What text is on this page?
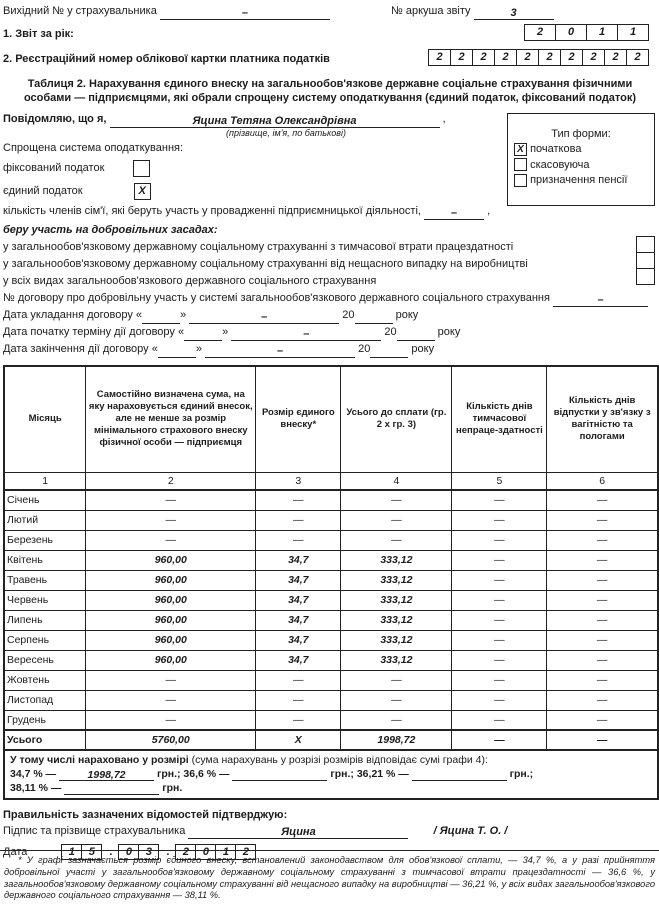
Вихідний № у страхувальника	–	№ аркуша звіту	3
1. Звіт за рік:	2	0	1	1
2. Реєстраційний номер облікової картки платника податків	2	2	2	2	2	2	2	2	2	2
Таблиця 2. Нарахування єдиного внеску на загальнообов'язкове державне соціальне страхування фізичними особами — підприємцями, які обрали спрощену систему оподаткування (єдиний податок, фіксований податок)
Тип форми:
X початкова
скасовуюча
призначення пенсії
Повідомляю, що я,	Яцина Тетяна Олександрівна	,
(прізвище, ім'я, по батькові)
Спрощена система оподаткування:
фіксований податок
єдиний податок	X
кількість членів сім'ї, які беруть участь у провадженні підприємницької діяльності,	–	,
беру участь на добровільних засадах:
у загальнообов'язковому державному соціальному страхуванні з тимчасової втрати працездатності
у загальнообов'язковому державному соціальному страхуванні від нещасного випадку на виробництві
у всіх видах загальнообов'язкового державного соціального страхування
№ договору про добровільну участь у системі загальнообов'язкового державного соціального страхування	–
Дата укладання договору «	»	–	20	року
Дата початку терміну дії договору «	»	–	20	року
Дата закінчення дії договору «	»	–	20	року
Місяць	Самостійно визначена сума, на яку нараховується єдиний внесок, але не менше за розмір мінімального страхового внеску фізичної особи — підприємця	Розмір єдиного внеску*	Усього до сплати (гр. 2 х гр. 3)	Кількість днів тимчасової непраце-здатності	Кількість днів відпустки у зв'язку з вагітністю та пологами
1	2	3	4	5	6
Січень	—	—	—	—	—
Лютий	—	—	—	—	—
Березень	—	—	—	—	—
Квітень	960,00	34,7	333,12	—	—
Травень	960,00	34,7	333,12	—	—
Червень	960,00	34,7	333,12	—	—
Липень	960,00	34,7	333,12	—	—
Серпень	960,00	34,7	333,12	—	—
Вересень	960,00	34,7	333,12	—	—
Жовтень	—	—	—	—	—
Листопад	—	—	—	—	—
Грудень	—	—	—	—	—
Усього	5760,00	X	1998,72	—	—
У тому числі нараховано у розмірі (сума нарахувань у розрізі розмірів відповідає сумі графи 4):
34,7 % —	1998,72	грн.; 36,6 % —	грн.; 36,21 % —	грн.;
38,11 % —	грн.
Правильність зазначених відомостей підтверджую:
Підпис та прізвище страхувальника	Яцина	/ Яцина Т. О. /
Дата	1	5	.	0	3	.	2	0	1	2

* У графі зазначається розмір єдиного внеску, встановлений законодавством для обов'язкової сплати, — 34,7 %, а у разі прийняття добровільної участі у загальнообов'язковому державному соціальному страхуванні з тимчасової втрати працездатності — 36,6 %, у загальнообов'язковому державному соціальному страхуванні від нещасного випадку на виробництві — 36,21 %, у всіх видах загальнообов'язкового державного соціального страхування — 38,11 %.
